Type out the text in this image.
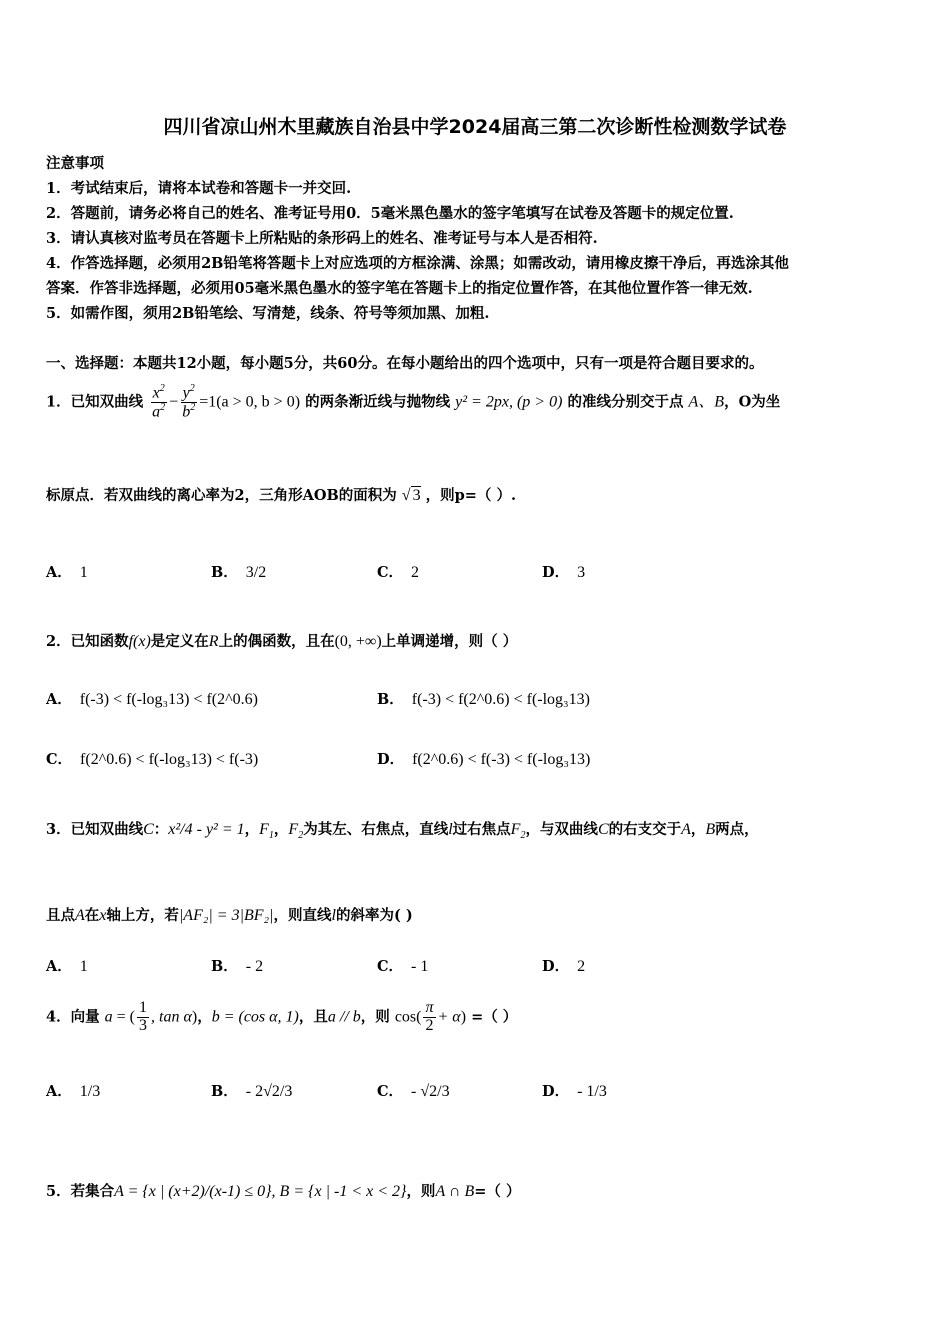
四川省凉山州木里藏族自治县中学2024届高三第二次诊断性检测数学试卷
注意事项
1．考试结束后，请将本试卷和答题卡一并交回.
2．答题前，请务必将自己的姓名、准考证号用0．5毫米黑色墨水的签字笔填写在试卷及答题卡的规定位置.
3．请认真核对监考员在答题卡上所粘贴的条形码上的姓名、准考证号与本人是否相符.
4．作答选择题，必须用2B铅笔将答题卡上对应选项的方框涂满、涂黑；如需改动，请用橡皮擦干净后，再选涂其他
答案．作答非选择题，必须用05毫米黑色墨水的签字笔在答题卡上的指定位置作答，在其他位置作答一律无效.
5．如需作图，须用2B铅笔绘、写清楚，线条、符号等须加黑、加粗.
一、选择题：本题共12小题，每小题5分，共60分。在每小题给出的四个选项中，只有一项是符合题目要求的。
1．已知双曲线 $\frac{x^2}{a^2} - \frac{y^2}{b^2} =1(a > 0$, b > 0) 的两条渐近线与抛物线 y² = 2px, (p > 0) 的准线分别交于点 A、B，O为坐
标原点．若双曲线的离心率为2，三角形AOB的面积为 √ 3 ，则p=（ ）.
A． 1	B． 3/2	C． 2	D． 3
2．已知函数f(x)是定义在R上的偶函数，且在(0, +∞)上单调递增，则（ ）
A． f(-3) < f(-log₃13) < f(2^0.6)	B． f(-3) < f(2^0.6) < f(-log₃13)
C． f(2^0.6) < f(-log₃13) < f(-3)	D． f(2^0.6) < f(-3) < f(-log₃13)
3．已知双曲线C：x²/4 - y² = 1，$F_1$，$F_2$为其左、右焦点，直线l过右焦点$F_2$，与双曲线C的右支交于A，B两点，
且点A在x轴上方，若|AF₂| = 3|BF₂|，则直线l的斜率为( )
A． 1	B． - 2	C． - 1	D． 2
4．向量 a = ( $\frac{1}{3}$ , tan α)，b = (cos α, 1)，且a // b，则 $\cos( \frac{\pi}{2} + \alpha)$ =（ ）
A． 1/3	B． - 2√2/3	C． - √2/3	D． - 1/3
5．若集合A = {x | (x+2)/(x-1) ≤ 0}, B = {x | -1 < x < 2}，则A ∩ B=（ ）
